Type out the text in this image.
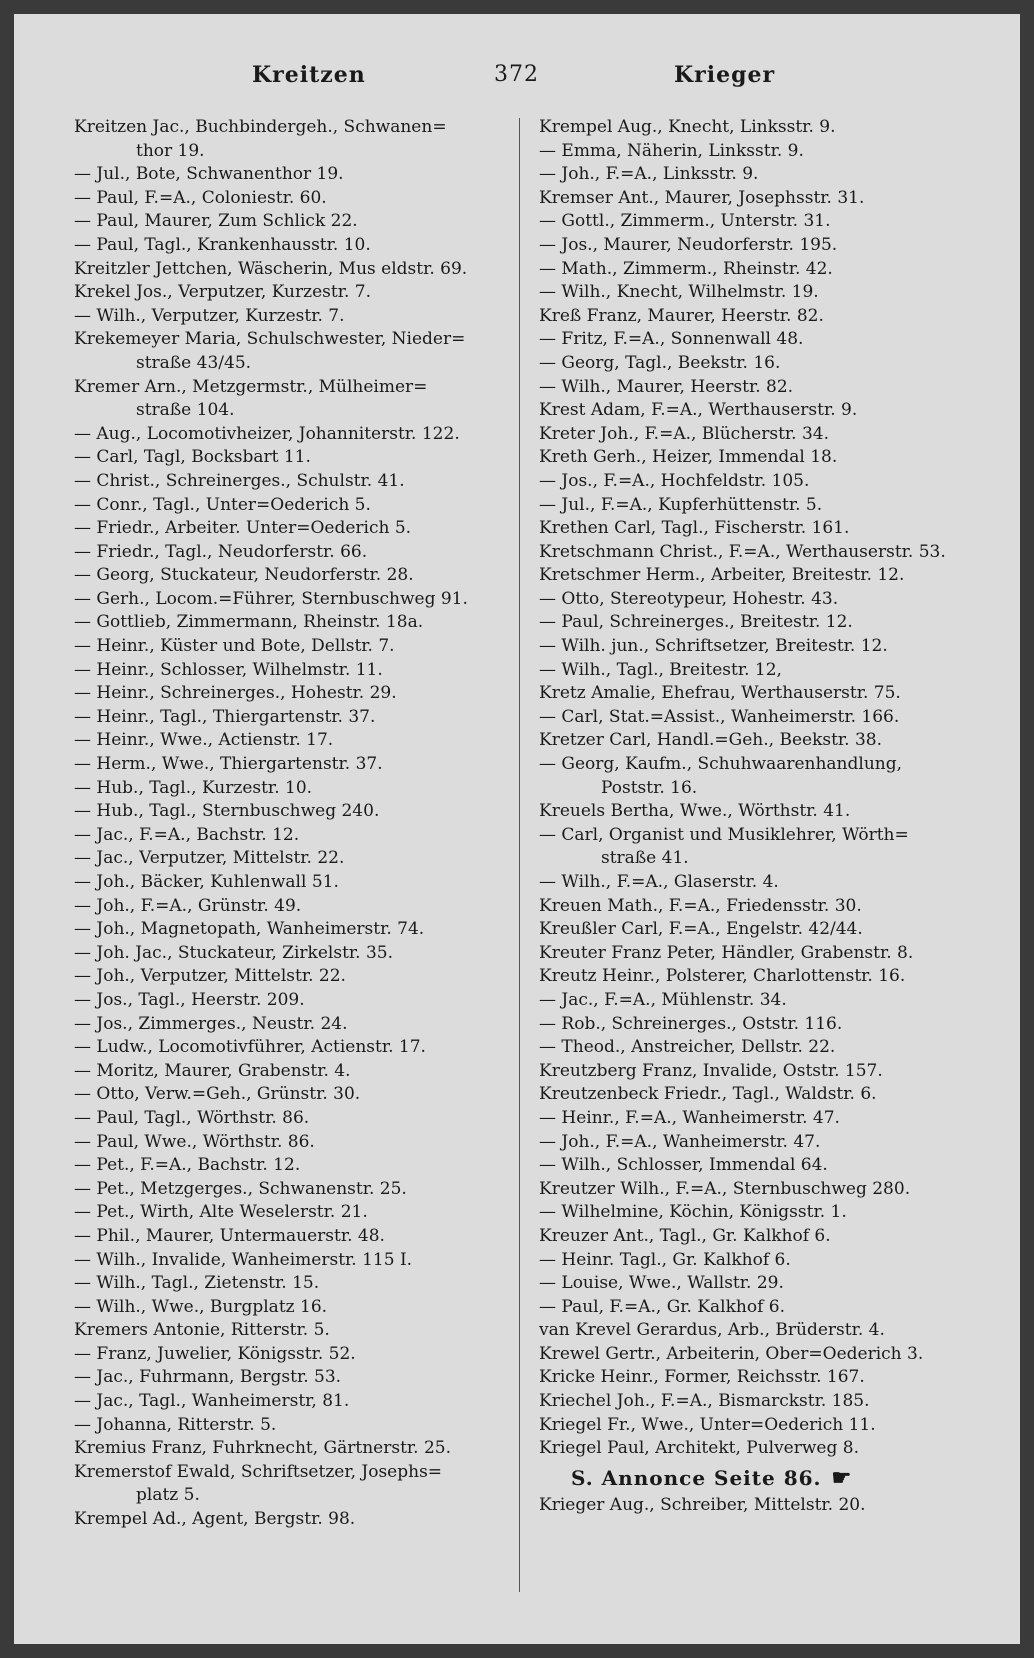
Kreitzen	372	Krieger

Kreitzen Jac., Buchbindergeh., Schwanen=
thor 19.

— Jul., Bote, Schwanenthor 19.

— Paul, F.=A., Coloniestr. 60.

— Paul, Maurer, Zum Schlick 22.

— Paul, Tagl., Krankenhausstr. 10.

Kreitzler Jettchen, Wäscherin, Mus eldstr. 69.

Krekel Jos., Verputzer, Kurzestr. 7.

— Wilh., Verputzer, Kurzestr. 7.

Krekemeyer Maria, Schulschwester, Nieder=
straße 43/45.

Kremer Arn., Metzgermstr., Mülheimer=
straße 104.

— Aug., Locomotivheizer, Johanniterstr. 122.

— Carl, Tagl, Bocksbart 11.

— Christ., Schreinerges., Schulstr. 41.

— Conr., Tagl., Unter=Oederich 5.

— Friedr., Arbeiter. Unter=Oederich 5.

— Friedr., Tagl., Neudorferstr. 66.

— Georg, Stuckateur, Neudorferstr. 28.

— Gerh., Locom.=Führer, Sternbuschweg 91.

— Gottlieb, Zimmermann, Rheinstr. 18a.

— Heinr., Küster und Bote, Dellstr. 7.

— Heinr., Schlosser, Wilhelmstr. 11.

— Heinr., Schreinerges., Hohestr. 29.

— Heinr., Tagl., Thiergartenstr. 37.

— Heinr., Wwe., Actienstr. 17.

— Herm., Wwe., Thiergartenstr. 37.

— Hub., Tagl., Kurzestr. 10.

— Hub., Tagl., Sternbuschweg 240.

— Jac., F.=A., Bachstr. 12.

— Jac., Verputzer, Mittelstr. 22.

— Joh., Bäcker, Kuhlenwall 51.

— Joh., F.=A., Grünstr. 49.

— Joh., Magnetopath, Wanheimerstr. 74.

— Joh. Jac., Stuckateur, Zirkelstr. 35.

— Joh., Verputzer, Mittelstr. 22.

— Jos., Tagl., Heerstr. 209.

— Jos., Zimmerges., Neustr. 24.

— Ludw., Locomotivführer, Actienstr. 17.

— Moritz, Maurer, Grabenstr. 4.

— Otto, Verw.=Geh., Grünstr. 30.

— Paul, Tagl., Wörthstr. 86.

— Paul, Wwe., Wörthstr. 86.

— Pet., F.=A., Bachstr. 12.

— Pet., Metzgerges., Schwanenstr. 25.

— Pet., Wirth, Alte Weselerstr. 21.

— Phil., Maurer, Untermauerstr. 48.

— Wilh., Invalide, Wanheimerstr. 115 I.

— Wilh., Tagl., Zietenstr. 15.

— Wilh., Wwe., Burgplatz 16.

Kremers Antonie, Ritterstr. 5.

— Franz, Juwelier, Königsstr. 52.

— Jac., Fuhrmann, Bergstr. 53.

— Jac., Tagl., Wanheimerstr, 81.

— Johanna, Ritterstr. 5.

Kremius Franz, Fuhrknecht, Gärtnerstr. 25.

Kremerstof Ewald, Schriftsetzer, Josephs=
platz 5.

Krempel Ad., Agent, Bergstr. 98.

Krempel Aug., Knecht, Linksstr. 9.

— Emma, Näherin, Linksstr. 9.

— Joh., F.=A., Linksstr. 9.

Kremser Ant., Maurer, Josephsstr. 31.

— Gottl., Zimmerm., Unterstr. 31.

— Jos., Maurer, Neudorferstr. 195.

— Math., Zimmerm., Rheinstr. 42.

— Wilh., Knecht, Wilhelmstr. 19.

Kreß Franz, Maurer, Heerstr. 82.

— Fritz, F.=A., Sonnenwall 48.

— Georg, Tagl., Beekstr. 16.

— Wilh., Maurer, Heerstr. 82.

Krest Adam, F.=A., Werthauserstr. 9.

Kreter Joh., F.=A., Blücherstr. 34.

Kreth Gerh., Heizer, Immendal 18.

— Jos., F.=A., Hochfeldstr. 105.

— Jul., F.=A., Kupferhüttenstr. 5.

Krethen Carl, Tagl., Fischerstr. 161.

Kretschmann Christ., F.=A., Werthauserstr. 53.

Kretschmer Herm., Arbeiter, Breitestr. 12.

— Otto, Stereotypeur, Hohestr. 43.

— Paul, Schreinerges., Breitestr. 12.

— Wilh. jun., Schriftsetzer, Breitestr. 12.

— Wilh., Tagl., Breitestr. 12,

Kretz Amalie, Ehefrau, Werthauserstr. 75.

— Carl, Stat.=Assist., Wanheimerstr. 166.

Kretzer Carl, Handl.=Geh., Beekstr. 38.

— Georg, Kaufm., Schuhwaarenhandlung,
Poststr. 16.

Kreuels Bertha, Wwe., Wörthstr. 41.

— Carl, Organist und Musiklehrer, Wörth=
straße 41.

— Wilh., F.=A., Glaserstr. 4.

Kreuen Math., F.=A., Friedensstr. 30.

Kreußler Carl, F.=A., Engelstr. 42/44.

Kreuter Franz Peter, Händler, Grabenstr. 8.

Kreutz Heinr., Polsterer, Charlottenstr. 16.

— Jac., F.=A., Mühlenstr. 34.

— Rob., Schreinerges., Oststr. 116.

— Theod., Anstreicher, Dellstr. 22.

Kreutzberg Franz, Invalide, Oststr. 157.

Kreutzenbeck Friedr., Tagl., Waldstr. 6.

— Heinr., F.=A., Wanheimerstr. 47.

— Joh., F.=A., Wanheimerstr. 47.

— Wilh., Schlosser, Immendal 64.

Kreutzer Wilh., F.=A., Sternbuschweg 280.

— Wilhelmine, Köchin, Königsstr. 1.

Kreuzer Ant., Tagl., Gr. Kalkhof 6.

— Heinr. Tagl., Gr. Kalkhof 6.

— Louise, Wwe., Wallstr. 29.

— Paul, F.=A., Gr. Kalkhof 6.

van Krevel Gerardus, Arb., Brüderstr. 4.

Krewel Gertr., Arbeiterin, Ober=Oederich 3.

Kricke Heinr., Former, Reichsstr. 167.

Kriechel Joh., F.=A., Bismarckstr. 185.

Kriegel Fr., Wwe., Unter=Oederich 11.

Kriegel Paul, Architekt, Pulverweg 8.

S. Annonce Seite 86. ☛

Krieger Aug., Schreiber, Mittelstr. 20.
